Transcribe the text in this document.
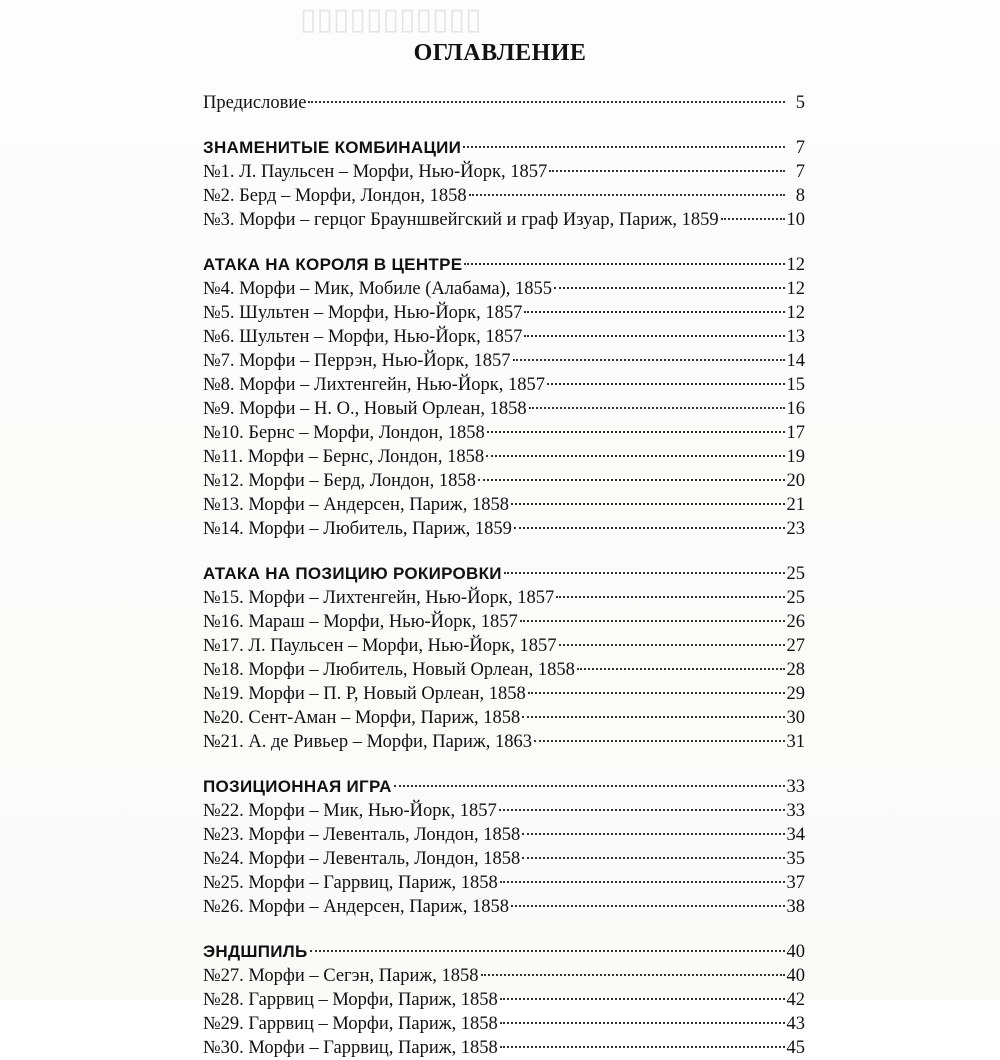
▯▯▯▯▯▯▯▯▯▯▯
ОГЛАВЛЕНИЕ
Предисловие	5
ЗНАМЕНИТЫЕ КОМБИНАЦИИ	7
№1. Л. Паульсен – Морфи, Нью-Йорк, 1857	7
№2. Берд – Морфи, Лондон, 1858	8
№3. Морфи – герцог Брауншвейгский и граф Изуар, Париж, 1859	10
АТАКА НА КОРОЛЯ В ЦЕНТРЕ	12
№4. Морфи – Мик, Мобиле (Алабама), 1855	12
№5. Шультен – Морфи, Нью-Йорк, 1857	12
№6. Шультен – Морфи, Нью-Йорк, 1857	13
№7. Морфи – Перрэн, Нью-Йорк, 1857	14
№8. Морфи – Лихтенгейн, Нью-Йорк, 1857	15
№9. Морфи – Н. О., Новый Орлеан, 1858	16
№10. Бернс – Морфи, Лондон, 1858	17
№11. Морфи – Бернс, Лондон, 1858	19
№12. Морфи – Берд, Лондон, 1858	20
№13. Морфи – Андерсен, Париж, 1858	21
№14. Морфи – Любитель, Париж, 1859	23
АТАКА НА ПОЗИЦИЮ РОКИРОВКИ	25
№15. Морфи – Лихтенгейн, Нью-Йорк, 1857	25
№16. Мараш – Морфи, Нью-Йорк, 1857	26
№17. Л. Паульсен – Морфи, Нью-Йорк, 1857	27
№18. Морфи – Любитель, Новый Орлеан, 1858	28
№19. Морфи – П. Р, Новый Орлеан, 1858	29
№20. Сент-Аман – Морфи, Париж, 1858	30
№21. А. де Ривьер – Морфи, Париж, 1863	31
ПОЗИЦИОННАЯ ИГРА	33
№22. Морфи – Мик, Нью-Йорк, 1857	33
№23. Морфи – Левенталь, Лондон, 1858	34
№24. Морфи – Левенталь, Лондон, 1858	35
№25. Морфи – Гаррвиц, Париж, 1858	37
№26. Морфи – Андерсен, Париж, 1858	38
ЭНДШПИЛЬ	40
№27. Морфи – Сегэн, Париж, 1858	40
№28. Гаррвиц – Морфи, Париж, 1858	42
№29. Гаррвиц – Морфи, Париж, 1858	43
№30. Морфи – Гаррвиц, Париж, 1858	45
